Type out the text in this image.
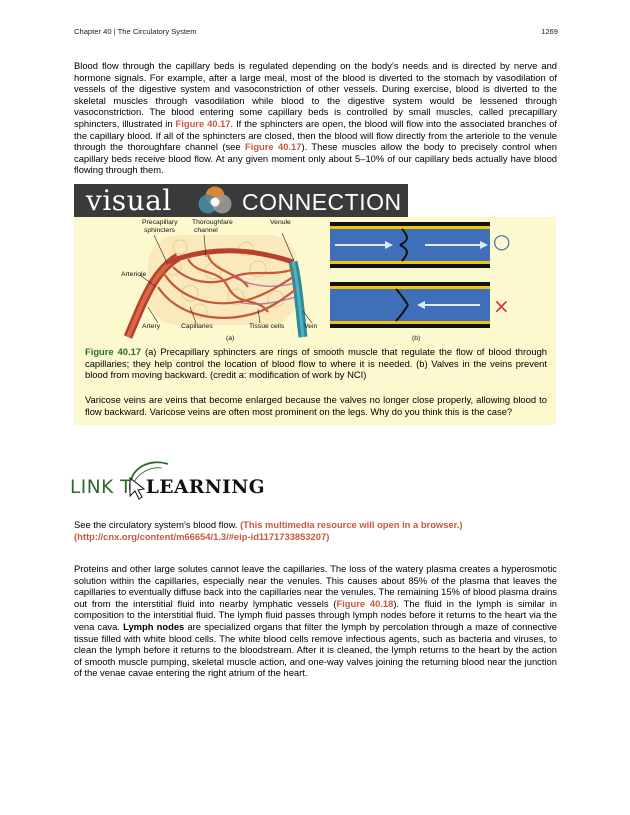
Chapter 40 | The Circulatory System	1269

Blood flow through the capillary beds is regulated depending on the body’s needs and is directed by nerve and hormone signals. For example, after a large meal, most of the blood is diverted to the stomach by vasodilation of vessels of the digestive system and vasoconstriction of other vessels. During exercise, blood is diverted to the skeletal muscles through vasodilation while blood to the digestive system would be lessened through vasoconstriction. The blood entering some capillary beds is controlled by small muscles, called precapillary sphincters, illustrated in Figure 40.17. If the sphincters are open, the blood will flow into the associated branches of the capillary blood. If all of the sphincters are closed, then the blood will flow directly from the arteriole to the venule through the thoroughfare channel (see Figure 40.17). These muscles allow the body to precisely control when capillary beds receive blood flow. At any given moment only about 5–10% of our capillary beds actually have blood flowing through them.

visual	CONNECTION
Precapillary
sphincters
Thoroughfare
channel
Venule
Arteriole
Artery	Capillaries	Tissue cells	Vein
(a)	(b)
○
×

Figure 40.17 (a) Precapillary sphincters are rings of smooth muscle that regulate the flow of blood through capillaries; they help control the location of blood flow to where it is needed. (b) Valves in the veins prevent blood from moving backward. (credit a: modification of work by NCI)

Varicose veins are veins that become enlarged because the valves no longer close properly, allowing blood to flow backward. Varicose veins are often most prominent on the legs. Why do you think this is the case?

LINK T LEARNING

See the circulatory system’s blood flow. (This multimedia resource will open in a browser.) (http://cnx.org/content/m66654/1.3/#eip-id1171733853207)

Proteins and other large solutes cannot leave the capillaries. The loss of the watery plasma creates a hyperosmotic solution within the capillaries, especially near the venules. This causes about 85% of the plasma that leaves the capillaries to eventually diffuse back into the capillaries near the venules. The remaining 15% of blood plasma drains out from the interstitial fluid into nearby lymphatic vessels (Figure 40.18). The fluid in the lymph is similar in composition to the interstitial fluid. The lymph fluid passes through lymph nodes before it returns to the heart via the vena cava. Lymph nodes are specialized organs that filter the lymph by percolation through a maze of connective tissue filled with white blood cells. The white blood cells remove infectious agents, such as bacteria and viruses, to clean the lymph before it returns to the bloodstream. After it is cleaned, the lymph returns to the heart by the action of smooth muscle pumping, skeletal muscle action, and one-way valves joining the returning blood near the junction of the venae cavae entering the right atrium of the heart.
